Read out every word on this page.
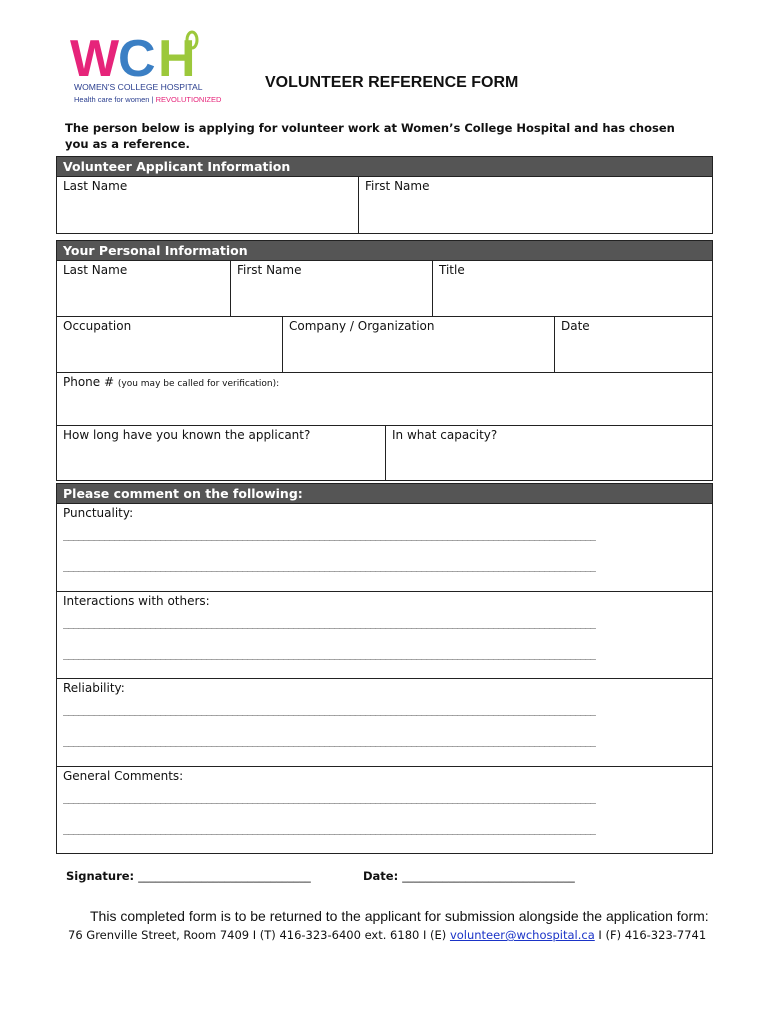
W C H
WOMEN'S COLLEGE HOSPITAL
Health care for women | REVOLUTIONIZED
VOLUNTEER REFERENCE FORM
The person below is applying for volunteer work at Women’s College Hospital and has chosen you as a reference.
Volunteer Applicant Information
Last Name	First Name
Your Personal Information
Last Name	First Name	Title
Occupation	Company / Organization	Date
Phone # (you may be called for verification):
How long have you known the applicant?	In what capacity?
Please comment on the following:
Punctuality:
________________________________________________________________________________________________________
________________________________________________________________________________________________________
Interactions with others:
________________________________________________________________________________________________________
________________________________________________________________________________________________________
Reliability:
________________________________________________________________________________________________________
________________________________________________________________________________________________________
General Comments:
________________________________________________________________________________________________________
________________________________________________________________________________________________________
Signature: ______________________________	Date: ______________________________
This completed form is to be returned to the applicant for submission alongside the application form:
76 Grenville Street, Room 7409 I (T) 416-323-6400 ext. 6180 I (E) volunteer@wchospital.ca I (F) 416-323-7741
